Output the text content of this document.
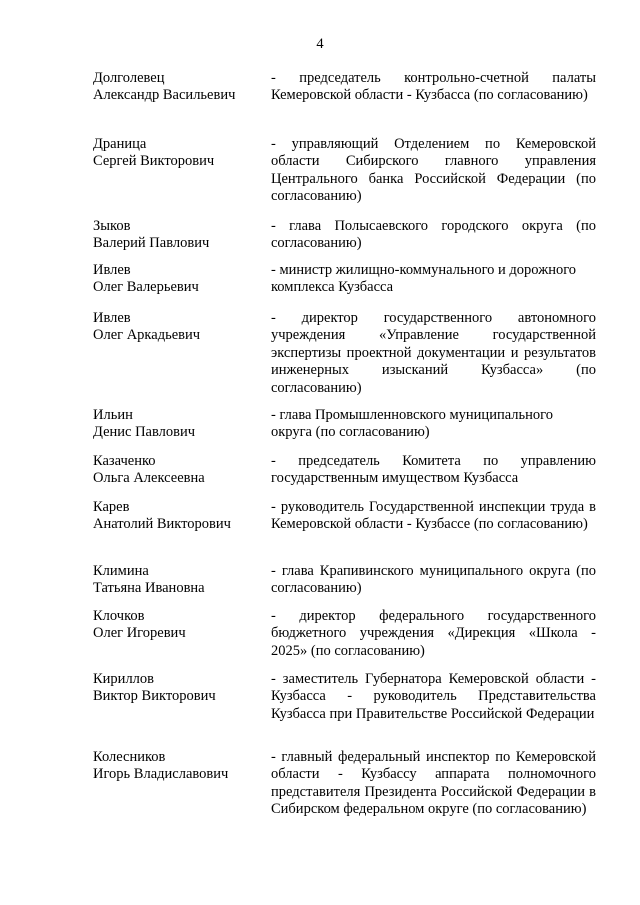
4
Долголевец
Александр Васильевич
- председатель контрольно-счетной палаты Кемеровской области - Кузбасса (по согласованию)
Драница
Сергей Викторович
- управляющий Отделением по Кемеровской области Сибирского главного управления Центрального банка Российской Федерации (по согласованию)
Зыков
Валерий Павлович
- глава Полысаевского городского округа (по согласованию)
Ивлев
Олег Валерьевич
- министр жилищно-коммунального и дорожного комплекса Кузбасса
Ивлев
Олег Аркадьевич
- директор государственного автономного учреждения «Управление государственной экспертизы проектной документации и результатов инженерных изысканий Кузбасса» (по согласованию)
Ильин
Денис Павлович
- глава Промышленновского муниципального округа (по согласованию)
Казаченко
Ольга Алексеевна
- председатель Комитета по управлению государственным имуществом Кузбасса
Карев
Анатолий Викторович
- руководитель Государственной инспекции труда в Кемеровской области - Кузбассе (по согласованию)
Климина
Татьяна Ивановна
- глава Крапивинского муниципального округа (по согласованию)
Клочков
Олег Игоревич
- директор федерального государственного бюджетного учреждения «Дирекция «Школа - 2025» (по согласованию)
Кириллов
Виктор Викторович
- заместитель Губернатора Кемеровской области - Кузбасса - руководитель Представительства Кузбасса при Правительстве Российской Федерации
Колесников
Игорь Владиславович
- главный федеральный инспектор по Кемеровской области - Кузбассу аппарата полномочного представителя Президента Российской Федерации в Сибирском федеральном округе (по согласованию)
